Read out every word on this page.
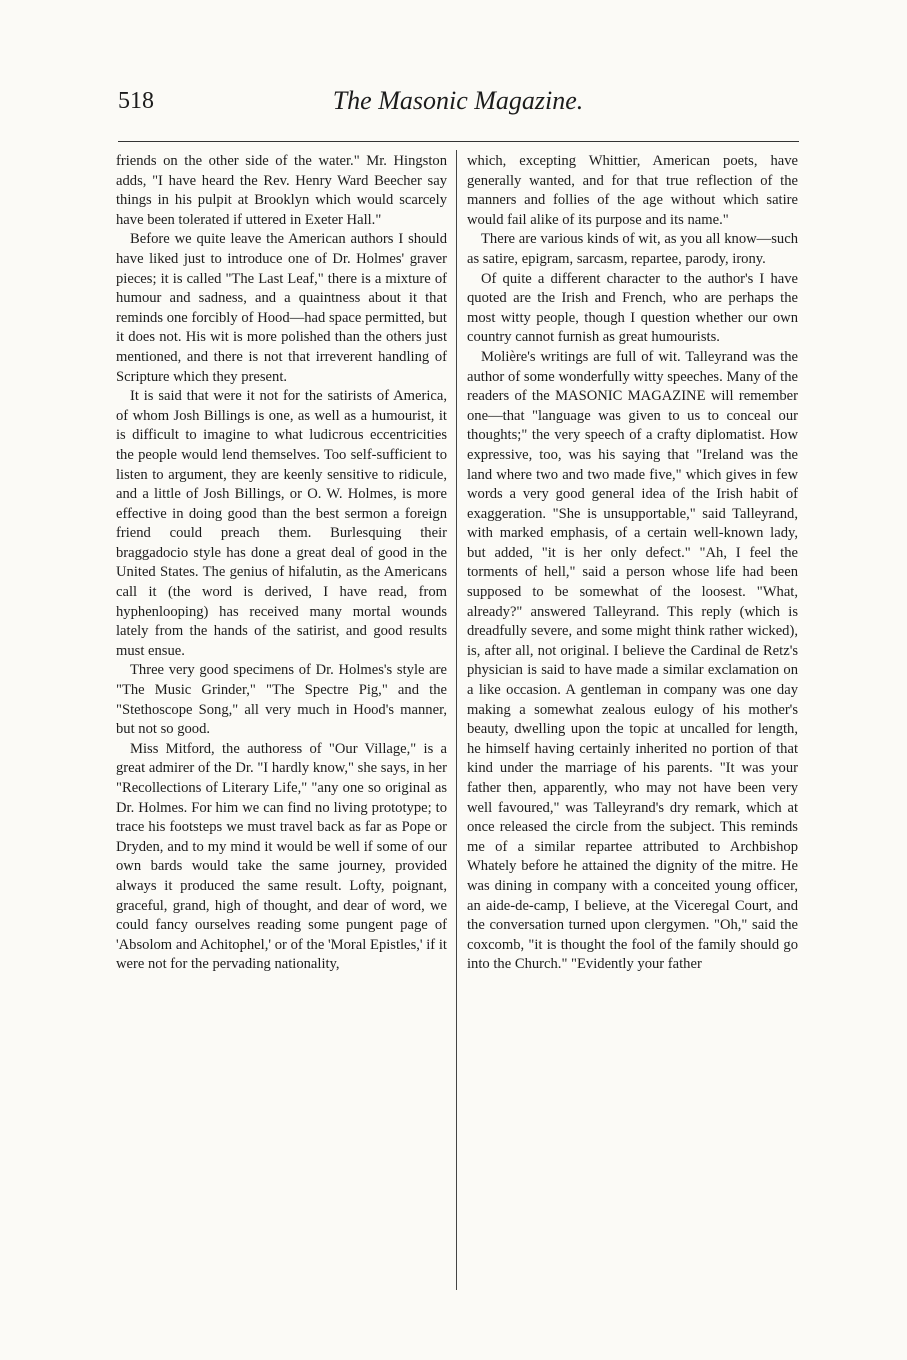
518	The Masonic Magazine.

friends on the other side of the water." Mr. Hingston adds, "I have heard the Rev. Henry Ward Beecher say things in his pulpit at Brooklyn which would scarcely have been tolerated if uttered in Exeter Hall."

Before we quite leave the American authors I should have liked just to introduce one of Dr. Holmes' graver pieces; it is called "The Last Leaf," there is a mixture of humour and sadness, and a quaintness about it that reminds one forcibly of Hood—had space permitted, but it does not. His wit is more polished than the others just mentioned, and there is not that irreverent handling of Scripture which they present.

It is said that were it not for the satirists of America, of whom Josh Billings is one, as well as a humourist, it is difficult to imagine to what ludicrous eccentricities the people would lend themselves. Too self-sufficient to listen to argument, they are keenly sensitive to ridicule, and a little of Josh Billings, or O. W. Holmes, is more effective in doing good than the best sermon a foreign friend could preach them. Burlesquing their braggadocio style has done a great deal of good in the United States. The genius of hifalutin, as the Americans call it (the word is derived, I have read, from hyphenlooping) has received many mortal wounds lately from the hands of the satirist, and good results must ensue.

Three very good specimens of Dr. Holmes's style are "The Music Grinder," "The Spectre Pig," and the "Stethoscope Song," all very much in Hood's manner, but not so good.

Miss Mitford, the authoress of "Our Village," is a great admirer of the Dr. "I hardly know," she says, in her "Recollections of Literary Life," "any one so original as Dr. Holmes. For him we can find no living prototype; to trace his footsteps we must travel back as far as Pope or Dryden, and to my mind it would be well if some of our own bards would take the same journey, provided always it produced the same result. Lofty, poignant, graceful, grand, high of thought, and dear of word, we could fancy ourselves reading some pungent page of 'Absolom and Achitophel,' or of the 'Moral Epistles,' if it were not for the pervading nationality,

which, excepting Whittier, American poets, have generally wanted, and for that true reflection of the manners and follies of the age without which satire would fail alike of its purpose and its name."

There are various kinds of wit, as you all know—such as satire, epigram, sarcasm, repartee, parody, irony.

Of quite a different character to the author's I have quoted are the Irish and French, who are perhaps the most witty people, though I question whether our own country cannot furnish as great humourists.

Molière's writings are full of wit. Talleyrand was the author of some wonderfully witty speeches. Many of the readers of the MASONIC MAGAZINE will remember one—that "language was given to us to conceal our thoughts;" the very speech of a crafty diplomatist. How expressive, too, was his saying that "Ireland was the land where two and two made five," which gives in few words a very good general idea of the Irish habit of exaggeration. "She is unsupportable," said Talleyrand, with marked emphasis, of a certain well-known lady, but added, "it is her only defect." "Ah, I feel the torments of hell," said a person whose life had been supposed to be somewhat of the loosest. "What, already?" answered Talleyrand. This reply (which is dreadfully severe, and some might think rather wicked), is, after all, not original. I believe the Cardinal de Retz's physician is said to have made a similar exclamation on a like occasion. A gentleman in company was one day making a somewhat zealous eulogy of his mother's beauty, dwelling upon the topic at uncalled for length, he himself having certainly inherited no portion of that kind under the marriage of his parents. "It was your father then, apparently, who may not have been very well favoured," was Talleyrand's dry remark, which at once released the circle from the subject. This reminds me of a similar repartee attributed to Archbishop Whately before he attained the dignity of the mitre. He was dining in company with a conceited young officer, an aide-de-camp, I believe, at the Viceregal Court, and the conversation turned upon clergymen. "Oh," said the coxcomb, "it is thought the fool of the family should go into the Church." "Evidently your father
